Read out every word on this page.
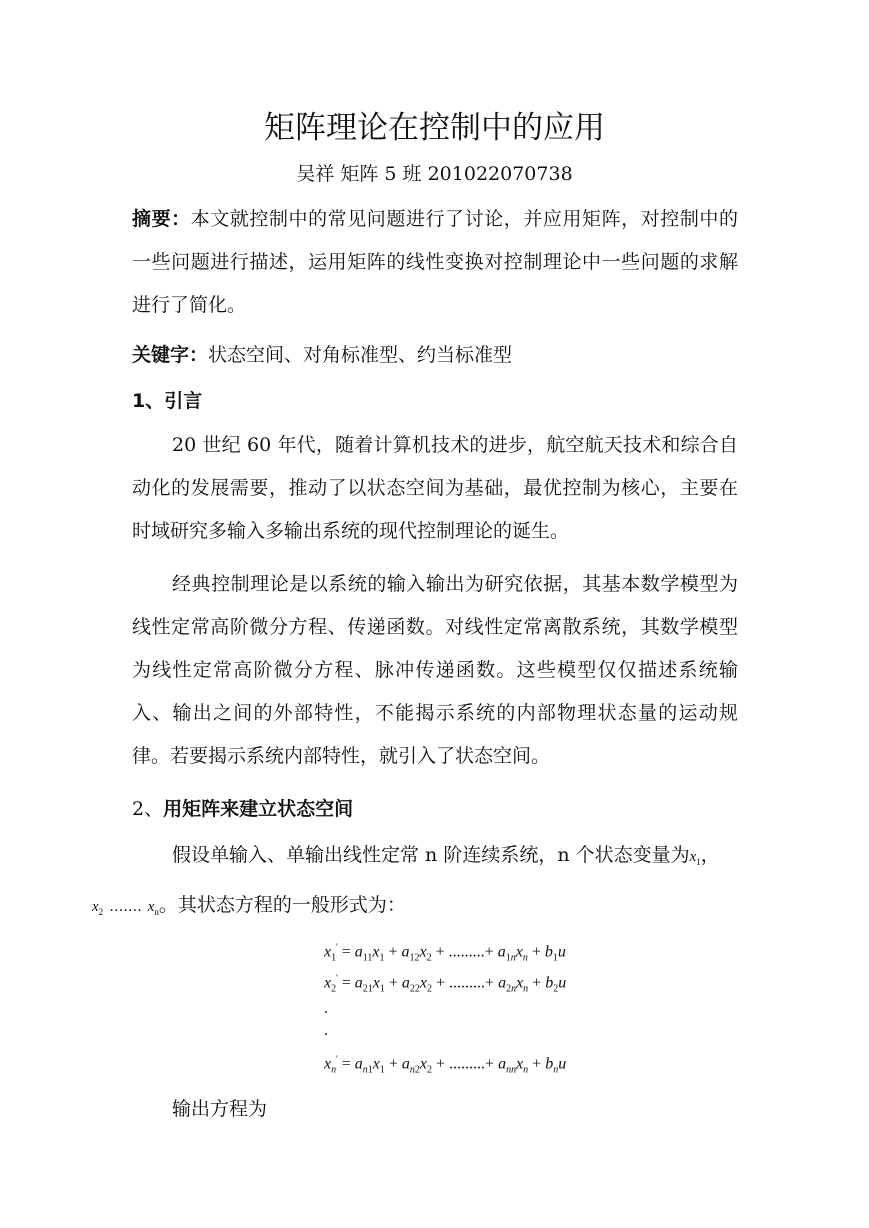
矩阵理论在控制中的应用
吴祥 矩阵 5 班 201022070738
摘要：本文就控制中的常见问题进行了讨论，并应用矩阵，对控制中的一些问题进行描述，运用矩阵的线性变换对控制理论中一些问题的求解进行了简化。
关键字：状态空间、对角标准型、约当标准型
1、引言
20 世纪 60 年代，随着计算机技术的进步，航空航天技术和综合自动化的发展需要，推动了以状态空间为基础，最优控制为核心，主要在时域研究多输入多输出系统的现代控制理论的诞生。
经典控制理论是以系统的输入输出为研究依据，其基本数学模型为线性定常高阶微分方程、传递函数。对线性定常离散系统，其数学模型为线性定常高阶微分方程、脉冲传递函数。这些模型仅仅描述系统输入、输出之间的外部特性，不能揭示系统的内部物理状态量的运动规律。若要揭示系统内部特性，就引入了状态空间。
2、用矩阵来建立状态空间
假设单输入、单输出线性定常 n 阶连续系统，n 个状态变量为$x_1$，
$x_2$ ……. $x_n$。其状态方程的一般形式为：
$x_1' = a_{11}x_1 + a_{12}x_2$ + .........+ $a_{1n}x_n + b_1u$
$x_2' = a_{21}x_1 + a_{22}x_2$ + .........+ $a_{2n}x_n + b_2u$
.
.
$x_n' = a_{n1}x_1 + a_{n2}x_2$ + .........+ $a_{nn}x_n + b_nu$
输出方程为
